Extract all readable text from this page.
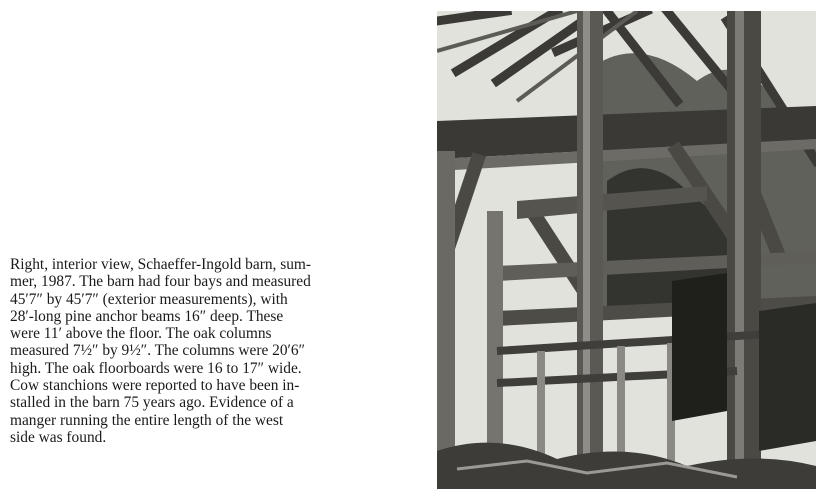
Right, interior view, Schaeffer-Ingold barn, sum-
mer, 1987. The barn had four bays and measured
45′7″ by 45′7″ (exterior measurements), with
28′-long pine anchor beams 16″ deep. These
were 11′ above the floor. The oak columns
measured 7½″ by 9½″. The columns were 20′6″
high. The oak floorboards were 16 to 17″ wide.
Cow stanchions were reported to have been in-
stalled in the barn 75 years ago. Evidence of a
manger running the entire length of the west
side was found.
